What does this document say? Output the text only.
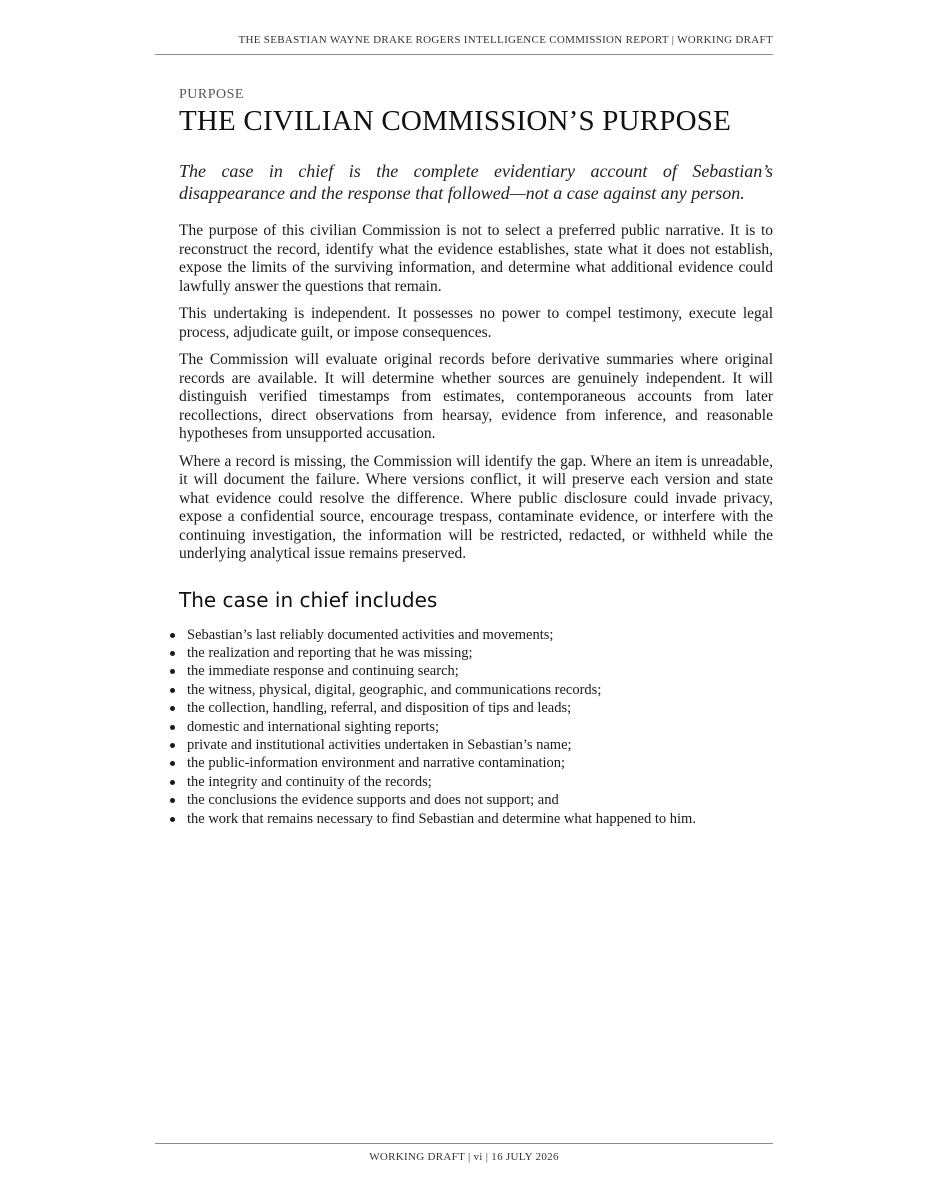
THE SEBASTIAN WAYNE DRAKE ROGERS INTELLIGENCE COMMISSION REPORT | WORKING DRAFT
PURPOSE
THE CIVILIAN COMMISSION’S PURPOSE

The case in chief is the complete evidentiary account of Sebastian’s disappearance and the response that followed—not a case against any person.

The purpose of this civilian Commission is not to select a preferred public narrative. It is to reconstruct the record, identify what the evidence establishes, state what it does not establish, expose the limits of the surviving information, and determine what additional evidence could lawfully answer the questions that remain.

This undertaking is independent. It possesses no power to compel testimony, execute legal process, adjudicate guilt, or impose consequences.

The Commission will evaluate original records before derivative summaries where original records are available. It will determine whether sources are genuinely independent. It will distinguish verified timestamps from estimates, contemporaneous accounts from later recollections, direct observations from hearsay, evidence from inference, and reasonable hypotheses from unsupported accusation.

Where a record is missing, the Commission will identify the gap. Where an item is unreadable, it will document the failure. Where versions conflict, it will preserve each version and state what evidence could resolve the difference. Where public disclosure could invade privacy, expose a confidential source, encourage trespass, contaminate evidence, or interfere with the continuing investigation, the information will be restricted, redacted, or withheld while the underlying analytical issue remains preserved.

The case in chief includes
Sebastian’s last reliably documented activities and movements;
the realization and reporting that he was missing;
the immediate response and continuing search;
the witness, physical, digital, geographic, and communications records;
the collection, handling, referral, and disposition of tips and leads;
domestic and international sighting reports;
private and institutional activities undertaken in Sebastian’s name;
the public-information environment and narrative contamination;
the integrity and continuity of the records;
the conclusions the evidence supports and does not support; and
the work that remains necessary to find Sebastian and determine what happened to him.
WORKING DRAFT | vi | 16 JULY 2026
